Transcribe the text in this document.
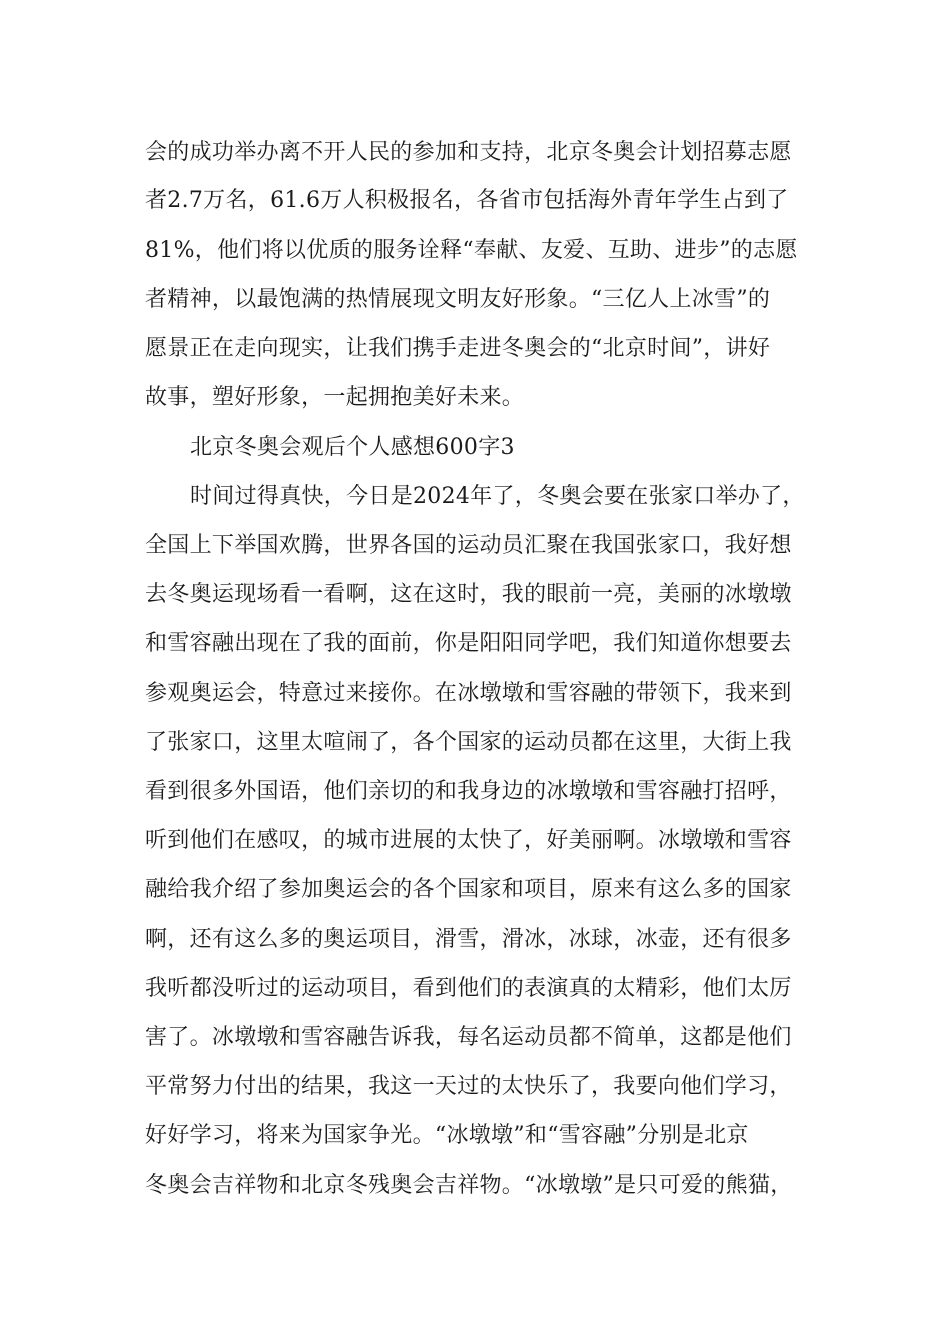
会的成功举办离不开人民的参加和支持，北京冬奥会计划招募志愿
者2.7万名，61.6万人积极报名，各省市包括海外青年学生占到了
81%，他们将以优质的服务诠释“奉献、友爱、互助、进步”的志愿
者精神，以最饱满的热情展现文明友好形象。“三亿人上冰雪”的
愿景正在走向现实，让我们携手走进冬奥会的“北京时间”，讲好
故事，塑好形象，一起拥抱美好未来。
北京冬奥会观后个人感想600字3
时间过得真快，今日是2024年了，冬奥会要在张家口举办了，
全国上下举国欢腾，世界各国的运动员汇聚在我国张家口，我好想
去冬奥运现场看一看啊，这在这时，我的眼前一亮，美丽的冰墩墩
和雪容融出现在了我的面前，你是阳阳同学吧，我们知道你想要去
参观奥运会，特意过来接你。在冰墩墩和雪容融的带领下，我来到
了张家口，这里太喧闹了，各个国家的运动员都在这里，大街上我
看到很多外国语，他们亲切的和我身边的冰墩墩和雪容融打招呼，
听到他们在感叹，的城市进展的太快了，好美丽啊。冰墩墩和雪容
融给我介绍了参加奥运会的各个国家和项目，原来有这么多的国家
啊，还有这么多的奥运项目，滑雪，滑冰，冰球，冰壶，还有很多
我听都没听过的运动项目，看到他们的表演真的太精彩，他们太厉
害了。冰墩墩和雪容融告诉我，每名运动员都不简单，这都是他们
平常努力付出的结果，我这一天过的太快乐了，我要向他们学习，
好好学习，将来为国家争光。“冰墩墩”和“雪容融”分别是北京
冬奥会吉祥物和北京冬残奥会吉祥物。“冰墩墩”是只可爱的熊猫，
